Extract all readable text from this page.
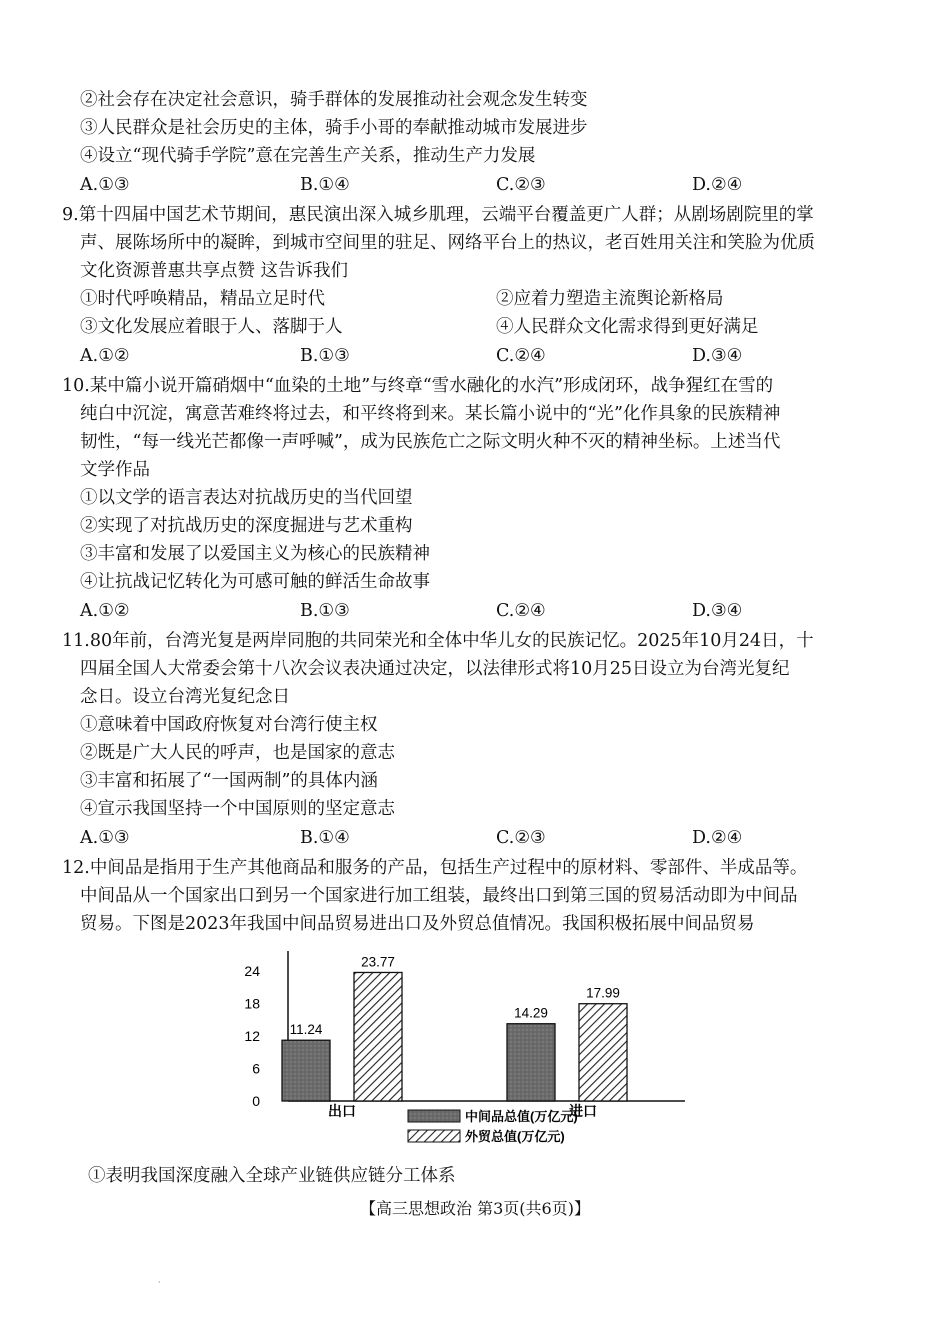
②社会存在决定社会意识，骑手群体的发展推动社会观念发生转变
③人民群众是社会历史的主体，骑手小哥的奉献推动城市发展进步
④设立“现代骑手学院”意在完善生产关系，推动生产力发展
A.①③	B.①④	C.②③	D.②④
9.第十四届中国艺术节期间，惠民演出深入城乡肌理，云端平台覆盖更广人群；从剧场剧院里的掌
声、展陈场所中的凝眸，到城市空间里的驻足、网络平台上的热议，老百姓用关注和笑脸为优质
文化资源普惠共享点赞 这告诉我们
①时代呼唤精品，精品立足时代	②应着力塑造主流舆论新格局
③文化发展应着眼于人、落脚于人	④人民群众文化需求得到更好满足
A.①②	B.①③	C.②④	D.③④
10.某中篇小说开篇硝烟中“血染的土地”与终章“雪水融化的水汽”形成闭环，战争猩红在雪的
纯白中沉淀，寓意苦难终将过去，和平终将到来。某长篇小说中的“光”化作具象的民族精神
韧性，“每一线光芒都像一声呼喊”，成为民族危亡之际文明火种不灭的精神坐标。上述当代
文学作品
①以文学的语言表达对抗战历史的当代回望
②实现了对抗战历史的深度掘进与艺术重构
③丰富和发展了以爱国主义为核心的民族精神
④让抗战记忆转化为可感可触的鲜活生命故事
A.①②	B.①③	C.②④	D.③④
11.80年前，台湾光复是两岸同胞的共同荣光和全体中华儿女的民族记忆。2025年10月24日，十
四届全国人大常委会第十八次会议表决通过决定，以法律形式将10月25日设立为台湾光复纪
念日。设立台湾光复纪念日
①意味着中国政府恢复对台湾行使主权
②既是广大人民的呼声，也是国家的意志
③丰富和拓展了“一国两制”的具体内涵
④宣示我国坚持一个中国原则的坚定意志
A.①③	B.①④	C.②③	D.②④
12.中间品是指用于生产其他商品和服务的产品，包括生产过程中的原材料、零部件、半成品等。
中间品从一个国家出口到另一个国家进行加工组装，最终出口到第三国的贸易活动即为中间品
贸易。下图是2023年我国中间品贸易进出口及外贸总值情况。我国积极拓展中间品贸易
0
6
12
18
24
出口	进口
11.24
23.77
14.29
17.99
中间品总值(万亿元)
外贸总值(万亿元)
①表明我国深度融入全球产业链供应链分工体系
【高三思想政治 第3页(共6页)】
·
